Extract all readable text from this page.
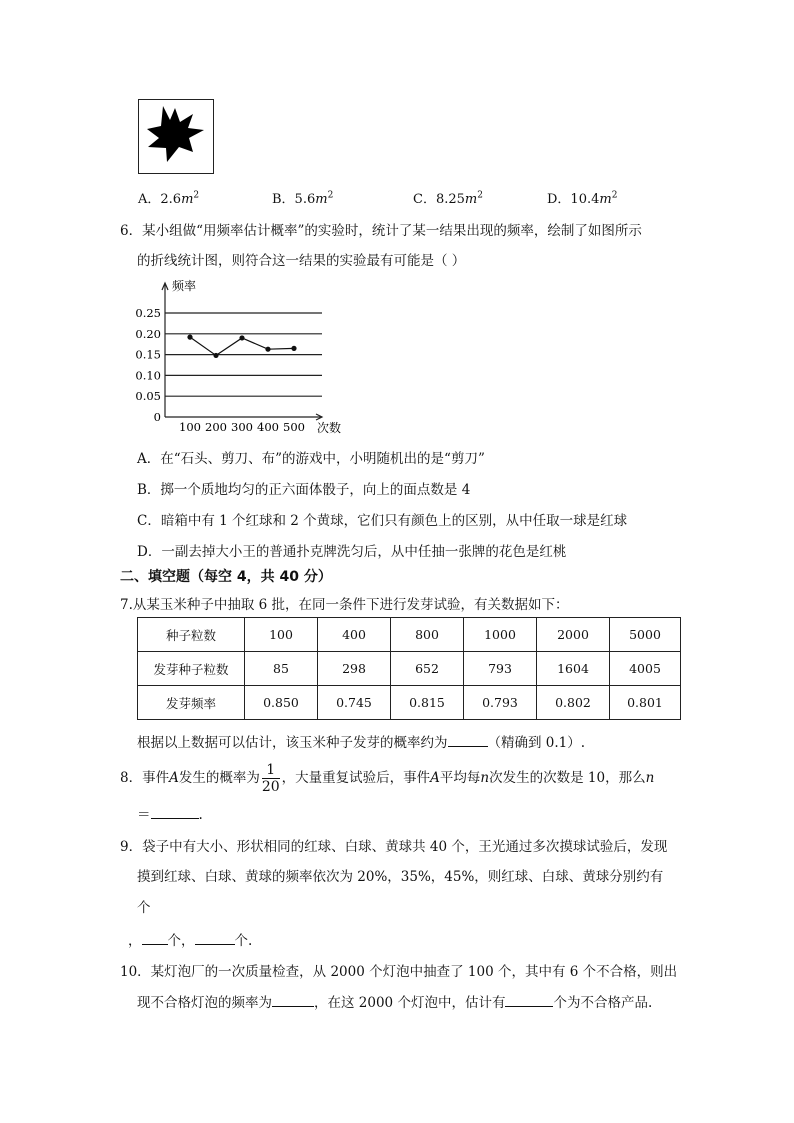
A．$2.6m^2$	B．$5.6m^2$	C．$8.25m^2$	D．$10.4m^2$
6．某小组做“用频率估计概率”的实验时，统计了某一结果出现的频率，绘制了如图所示
的折线统计图，则符合这一结果的实验最有可能是（ ）
0.25
0.20
0.15
0.10
0.05
0
100 200 300 400 500
频率
次数
A．在“石头、剪刀、布”的游戏中，小明随机出的是“剪刀”
B．掷一个质地均匀的正六面体骰子，向上的面点数是 4
C．暗箱中有 1 个红球和 2 个黄球，它们只有颜色上的区别，从中任取一球是红球
D．一副去掉大小王的普通扑克牌洗匀后，从中任抽一张牌的花色是红桃
二、填空题（每空 4，共 40 分）
7.从某玉米种子中抽取 6 批，在同一条件下进行发芽试验，有关数据如下：
种子粒数	100	400	800	1000	2000	5000
发芽种子粒数	85	298	652	793	1604	4005
发芽频率	0.850	0.745	0.815	0.793	0.802	0.801
根据以上数据可以估计，该玉米种子发芽的概率约为	（精确到 0.1）.
8．事件A发生的概率为 $\frac{1}{20}$ ，大量重复试验后，事件A平均每n次发生的次数是 10，那么n
＝	.
9．袋子中有大小、形状相同的红球、白球、黄球共 40 个，王光通过多次摸球试验后，发现
摸到红球、白球、黄球的频率依次为 20%，35%，45%，则红球、白球、黄球分别约有
个
， 个，	个.
10．某灯泡厂的一次质量检查，从 2000 个灯泡中抽查了 100 个，其中有 6 个不合格，则出
现不合格灯泡的频率为	，在这 2000 个灯泡中，估计有	个为不合格产品.
